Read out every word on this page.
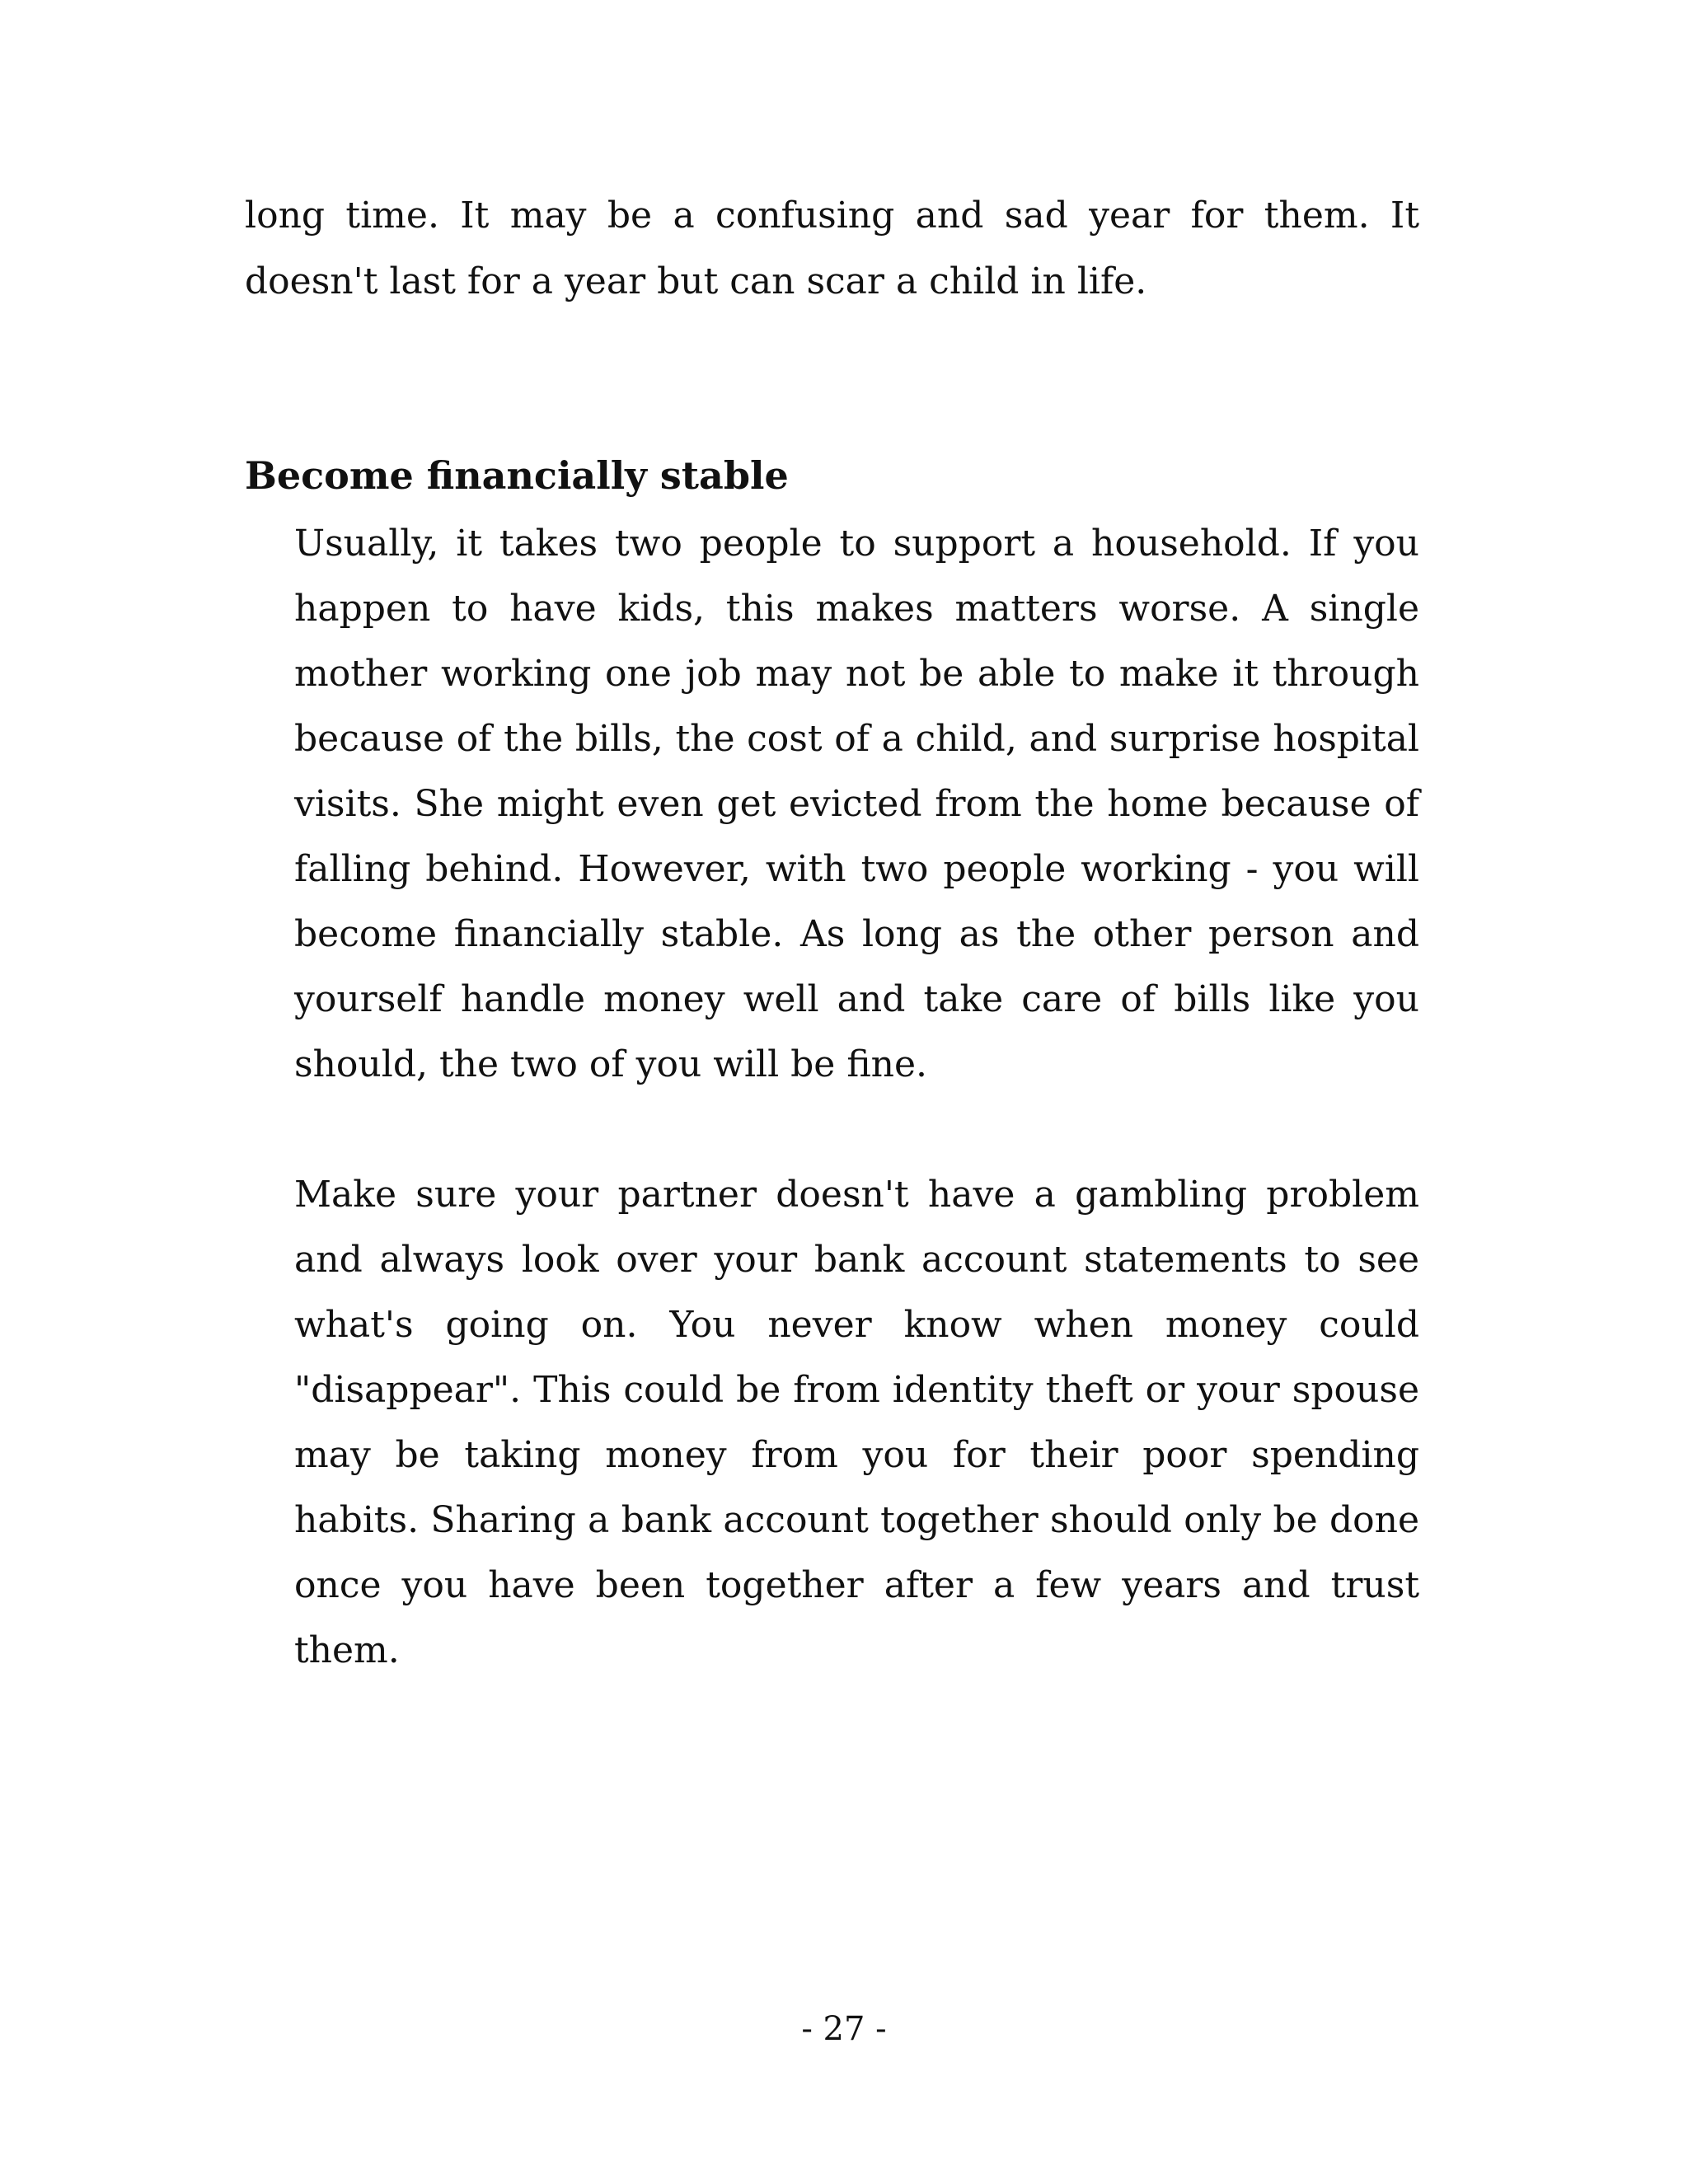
long time. It may be a confusing and sad year for them. It doesn't last for a year but can scar a child in life.

Become financially stable

Usually, it takes two people to support a household. If you happen to have kids, this makes matters worse. A single mother working one job may not be able to make it through because of the bills, the cost of a child, and surprise hospital visits. She might even get evicted from the home because of falling behind. However, with two people working - you will become financially stable. As long as the other person and yourself handle money well and take care of bills like you should, the two of you will be fine.

Make sure your partner doesn't have a gambling problem and always look over your bank account statements to see what's going on. You never know when money could "disappear". This could be from identity theft or your spouse may be taking money from you for their poor spending habits. Sharing a bank account together should only be done once you have been together after a few years and trust them.

- 27 -
